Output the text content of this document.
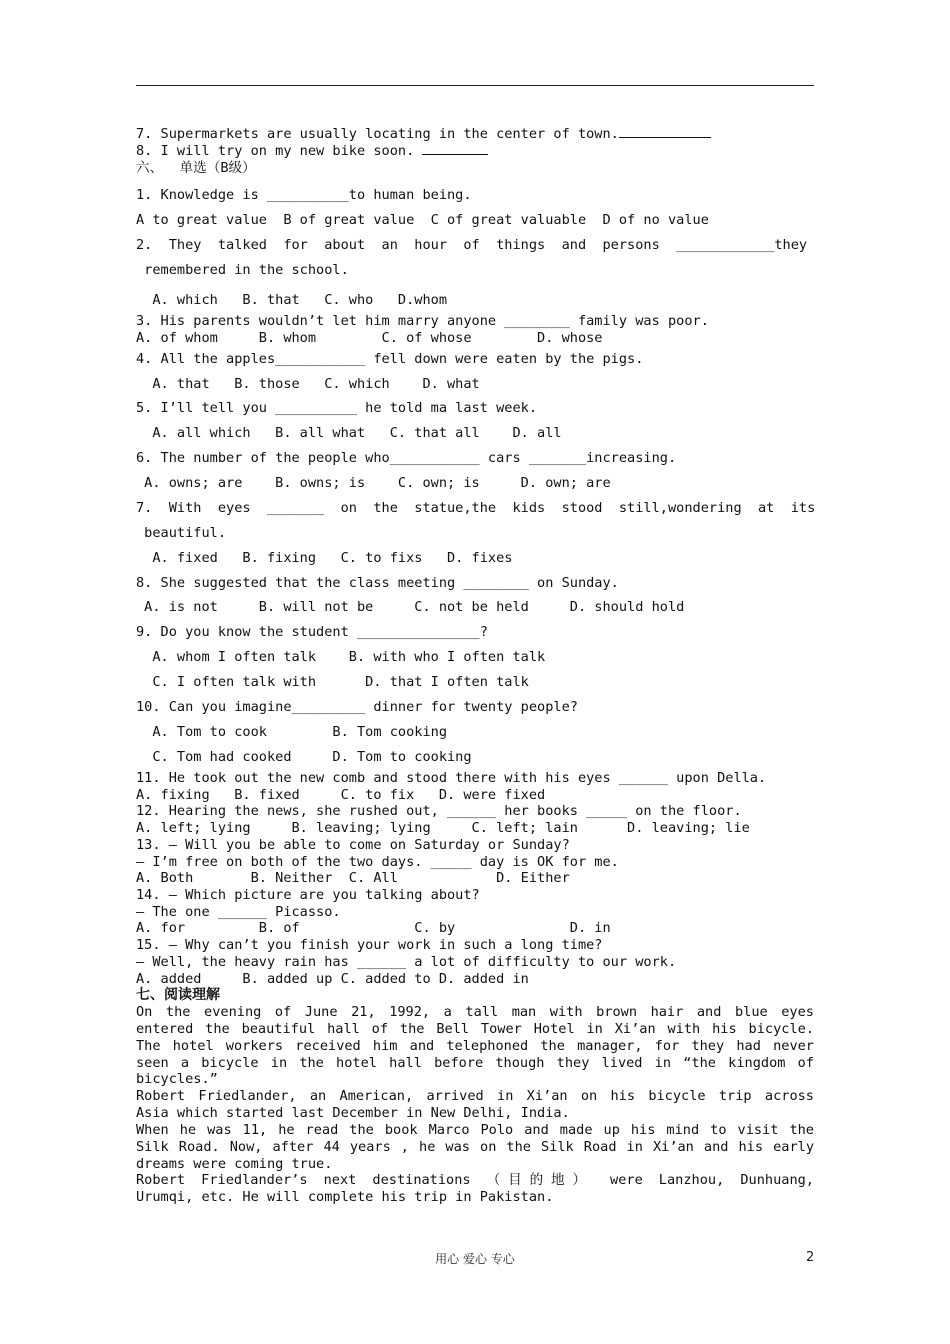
7. Supermarkets are usually locating in the center of town.
8. I will try on my new bike soon.
六、  单选（B级）
1. Knowledge is __________to human being.
A to great value  B of great value  C of great valuable  D of no value
2.  They  talked  for  about  an  hour  of  things  and  persons  ____________they
remembered in the school.
A. which   B. that   C. who   D.whom
3. His parents wouldn’t let him marry anyone ________ family was poor.
A. of whom     B. whom        C. of whose        D. whose
4. All the apples___________ fell down were eaten by the pigs.
A. that   B. those   C. which    D. what
5. I’ll tell you __________ he told ma last week.
A. all which   B. all what   C. that all    D. all
6. The number of the people who___________ cars _______increasing.
A. owns; are    B. owns; is    C. own; is     D. own; are
7.  With  eyes  _______  on  the  statue,the  kids  stood  still,wondering  at  its
beautiful.
A. fixed   B. fixing   C. to fixs   D. fixes
8. She suggested that the class meeting ________ on Sunday.
A. is not     B. will not be     C. not be held     D. should hold
9. Do you know the student _______________?
A. whom I often talk    B. with who I often talk
C. I often talk with      D. that I often talk
10. Can you imagine_________ dinner for twenty people?
A. Tom to cook        B. Tom cooking
C. Tom had cooked     D. Tom to cooking
11. He took out the new comb and stood there with his eyes ______ upon Della.
A. fixing   B. fixed     C. to fix   D. were fixed
12. Hearing the news, she rushed out, ______ her books _____ on the floor.
A. left; lying     B. leaving; lying     C. left; lain      D. leaving; lie
13. — Will you be able to come on Saturday or Sunday?
— I’m free on both of the two days. _____ day is OK for me.
A. Both       B. Neither  C. All            D. Either
14. — Which picture are you talking about?
— The one ______ Picasso.
A. for         B. of              C. by              D. in
15. — Why can’t you finish your work in such a long time?
— Well, the heavy rain has ______ a lot of difficulty to our work.
A. added     B. added up C. added to D. added in
七、阅读理解
On the evening of June 21, 1992, a tall man with brown hair and blue eyes
entered the beautiful hall of the Bell Tower Hotel in Xi’an with his bicycle.
The hotel workers received him and telephoned the manager, for they had never
seen a bicycle in the hotel hall before though they lived in “the kingdom of
bicycles.”
Robert Friedlander, an American, arrived in Xi’an on his bicycle trip across
Asia which started last December in New Delhi, India.
When he was 11, he read the book Marco Polo and made up his mind to visit the
Silk Road. Now, after 44 years , he was on the Silk Road in Xi’an and his early
dreams were coming true.
Robert Friedlander’s next destinations （目的地） were Lanzhou, Dunhuang,
Urumqi, etc. He will complete his trip in Pakistan.
用心 爱心 专心	2
